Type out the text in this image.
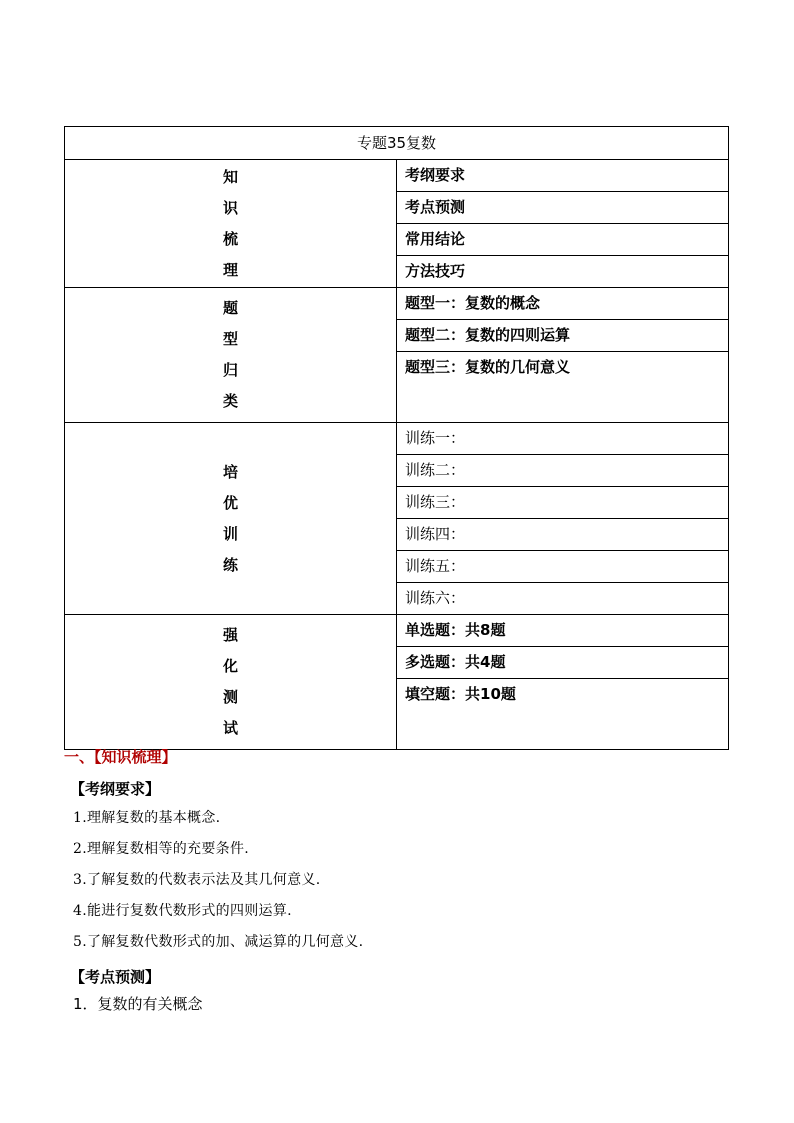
专题35复数	

知
识
梳
理	考纲要求
	考点预测
	常用结论
	方法技巧

题
型
归
类	题型一：复数的概念
	题型二：复数的四则运算
	题型三：复数的几何意义

培
优
训
练	训练一：
	训练二：
	训练三：
	训练四：
	训练五：
	训练六：

强
化
测
试	单选题：共8题
	多选题：共4题
	填空题：共10题
一、【知识梳理】
【考纲要求】
1.理解复数的基本概念.
2.理解复数相等的充要条件.
3.了解复数的代数表示法及其几何意义.
4.能进行复数代数形式的四则运算.
5.了解复数代数形式的加、减运算的几何意义.
【考点预测】
1．复数的有关概念
